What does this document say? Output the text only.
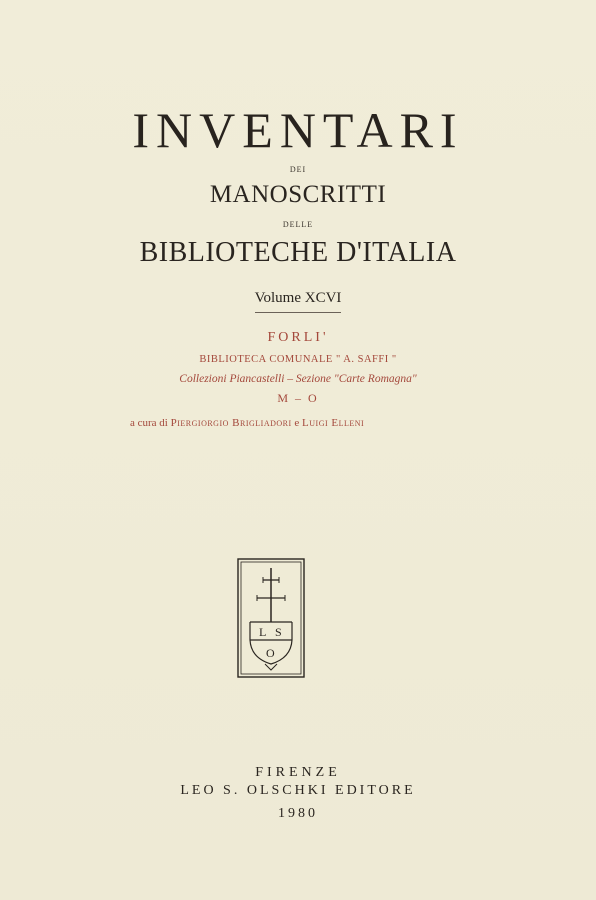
INVENTARI
DEI
MANOSCRITTI
DELLE
BIBLIOTECHE D'ITALIA
Volume XCVI
FORLI'
BIBLIOTECA COMUNALE " A. SAFFI "
Collezioni Piancastelli – Sezione "Carte Romagna"
M – O
a cura di Piergiorgio Brigliadori e Luigi Elleni
L S
O
FIRENZE
LEO S. OLSCHKI EDITORE
1980
